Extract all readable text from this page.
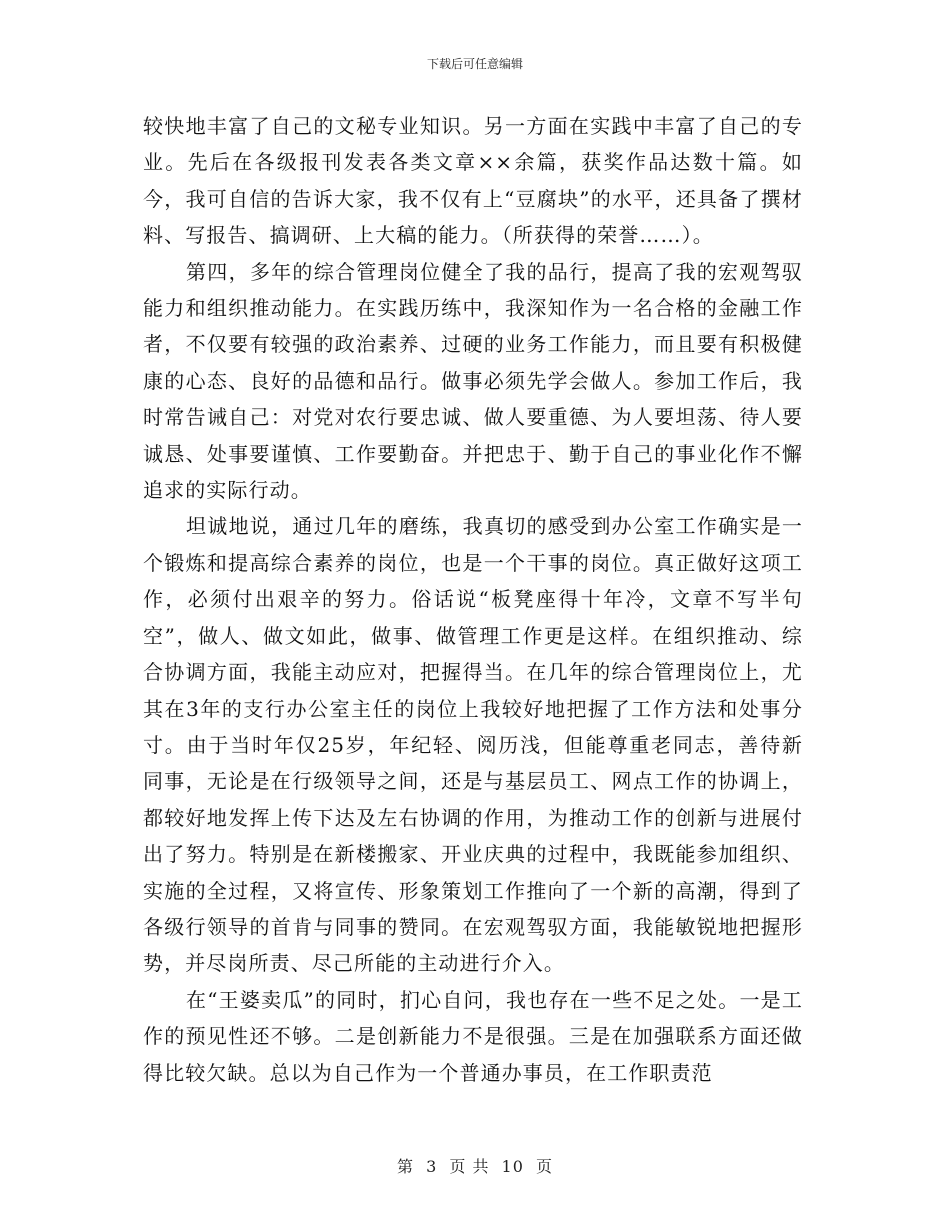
下载后可任意编辑

较快地丰富了自己的文秘专业知识。另一方面在实践中丰富了自己的专业。先后在各级报刊发表各类文章××余篇，获奖作品达数十篇。如今，我可自信的告诉大家，我不仅有上“豆腐块”的水平，还具备了撰材料、写报告、搞调研、上大稿的能力。（所获得的荣誉……）。

第四，多年的综合管理岗位健全了我的品行，提高了我的宏观驾驭能力和组织推动能力。在实践历练中，我深知作为一名合格的金融工作者，不仅要有较强的政治素养、过硬的业务工作能力，而且要有积极健康的心态、良好的品德和品行。做事必须先学会做人。参加工作后，我时常告诫自己：对党对农行要忠诚、做人要重德、为人要坦荡、待人要诚恳、处事要谨慎、工作要勤奋。并把忠于、勤于自己的事业化作不懈追求的实际行动。

坦诚地说，通过几年的磨练，我真切的感受到办公室工作确实是一个锻炼和提高综合素养的岗位，也是一个干事的岗位。真正做好这项工作，必须付出艰辛的努力。俗话说“板凳座得十年冷，文章不写半句空”，做人、做文如此，做事、做管理工作更是这样。在组织推动、综合协调方面，我能主动应对，把握得当。在几年的综合管理岗位上，尤其在3年的支行办公室主任的岗位上我较好地把握了工作方法和处事分寸。由于当时年仅25岁，年纪轻、阅历浅，但能尊重老同志，善待新同事，无论是在行级领导之间，还是与基层员工、网点工作的协调上，都较好地发挥上传下达及左右协调的作用，为推动工作的创新与进展付出了努力。特别是在新楼搬家、开业庆典的过程中，我既能参加组织、实施的全过程，又将宣传、形象策划工作推向了一个新的高潮，得到了各级行领导的首肯与同事的赞同。在宏观驾驭方面，我能敏锐地把握形势，并尽岗所责、尽己所能的主动进行介入。

在“王婆卖瓜”的同时，扪心自问，我也存在一些不足之处。一是工作的预见性还不够。二是创新能力不是很强。三是在加强联系方面还做得比较欠缺。总以为自己作为一个普通办事员，在工作职责范

第 3 页 共 10 页
